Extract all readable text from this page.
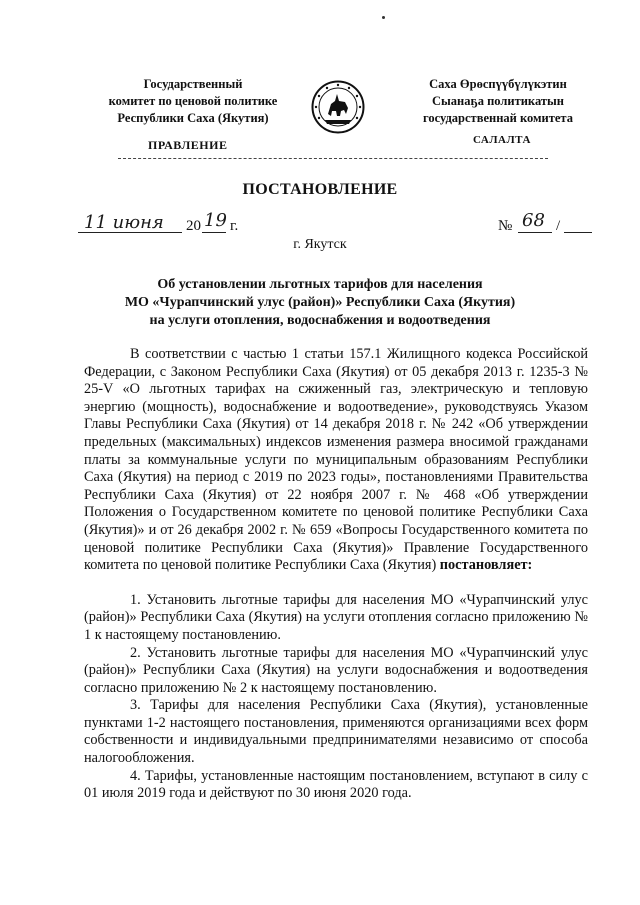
Государственный
комитет по ценовой политике
Республики Саха (Якутия)
Саха Өрөспүүбүлүкэтин
Сыанаҕа политикатын
государственнай комитета
ПРАВЛЕНИЕ	САЛАЛТА
ПОСТАНОВЛЕНИЕ
11 июня 20 19 г.	№ 68 /
г. Якутск
Об установлении льготных тарифов для населения
МО «Чурапчинский улус (район)» Республики Саха (Якутия)
на услуги отопления, водоснабжения и водоотведения

В соответствии с частью 1 статьи 157.1 Жилищного кодекса Российской Федерации, с Законом Республики Саха (Якутия) от 05 декабря 2013 г. 1235-3 № 25-V «О льготных тарифах на сжиженный газ, электрическую и тепловую энергию (мощность), водоснабжение и водоотведение», руководствуясь Указом Главы Республики Саха (Якутия) от 14 декабря 2018 г. № 242 «Об утверждении предельных (максимальных) индексов изменения размера вносимой гражданами платы за коммунальные услуги по муниципальным образованиям Республики Саха (Якутия) на период с 2019 по 2023 годы», постановлениями Правительства Республики Саха (Якутия) от 22 ноября 2007 г. № 468 «Об утверждении Положения о Государственном комитете по ценовой политике Республики Саха (Якутия)» и от 26 декабря 2002 г. № 659 «Вопросы Государственного комитета по ценовой политике Республики Саха (Якутия)» Правление Государственного комитета по ценовой политике Республики Саха (Якутия) постановляет:

1. Установить льготные тарифы для населения МО «Чурапчинский улус (район)» Республики Саха (Якутия) на услуги отопления согласно приложению № 1 к настоящему постановлению.

2. Установить льготные тарифы для населения МО «Чурапчинский улус (район)» Республики Саха (Якутия) на услуги водоснабжения и водоотведения согласно приложению № 2 к настоящему постановлению.

3. Тарифы для населения Республики Саха (Якутия), установленные пунктами 1-2 настоящего постановления, применяются организациями всех форм собственности и индивидуальными предпринимателями независимо от способа налогообложения.

4. Тарифы, установленные настоящим постановлением, вступают в силу с 01 июля 2019 года и действуют по 30 июня 2020 года.
